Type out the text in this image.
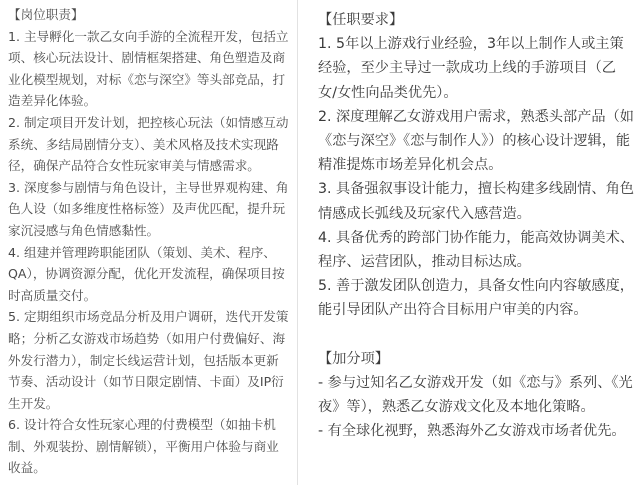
【岗位职责】

1. 主导孵化一款乙女向手游的全流程开发，包括立项、核心玩法设计、剧情框架搭建、角色塑造及商业化模型规划，对标《恋与深空》等头部竞品，打造差异化体验。

2. 制定项目开发计划，把控核心玩法（如情感互动系统、多结局剧情分支）、美术风格及技术实现路径，确保产品符合女性玩家审美与情感需求。

3. 深度参与剧情与角色设计，主导世界观构建、角色人设（如多维度性格标签）及声优匹配，提升玩家沉浸感与角色情感黏性。

4. 组建并管理跨职能团队（策划、美术、程序、QA），协调资源分配，优化开发流程，确保项目按时高质量交付。

5. 定期组织市场竞品分析及用户调研，迭代开发策略；分析乙女游戏市场趋势（如用户付费偏好、海外发行潜力），制定长线运营计划，包括版本更新节奏、活动设计（如节日限定剧情、卡面）及IP衍生开发。

6. 设计符合女性玩家心理的付费模型（如抽卡机制、外观装扮、剧情解锁），平衡用户体验与商业收益。

【任职要求】

1. 5年以上游戏行业经验，3年以上制作人或主策经验，至少主导过一款成功上线的手游项目（乙女/女性向品类优先）。

2. 深度理解乙女游戏用户需求，熟悉头部产品（如《恋与深空》《恋与制作人》）的核心设计逻辑，能精准提炼市场差异化机会点。

3. 具备强叙事设计能力，擅长构建多线剧情、角色情感成长弧线及玩家代入感营造。

4. 具备优秀的跨部门协作能力，能高效协调美术、程序、运营团队，推动目标达成。

5. 善于激发团队创造力，具备女性向内容敏感度，能引导团队产出符合目标用户审美的内容。

【加分项】

- 参与过知名乙女游戏开发（如《恋与》系列、《光夜》等），熟悉乙女游戏文化及本地化策略。

- 有全球化视野，熟悉海外乙女游戏市场者优先。
